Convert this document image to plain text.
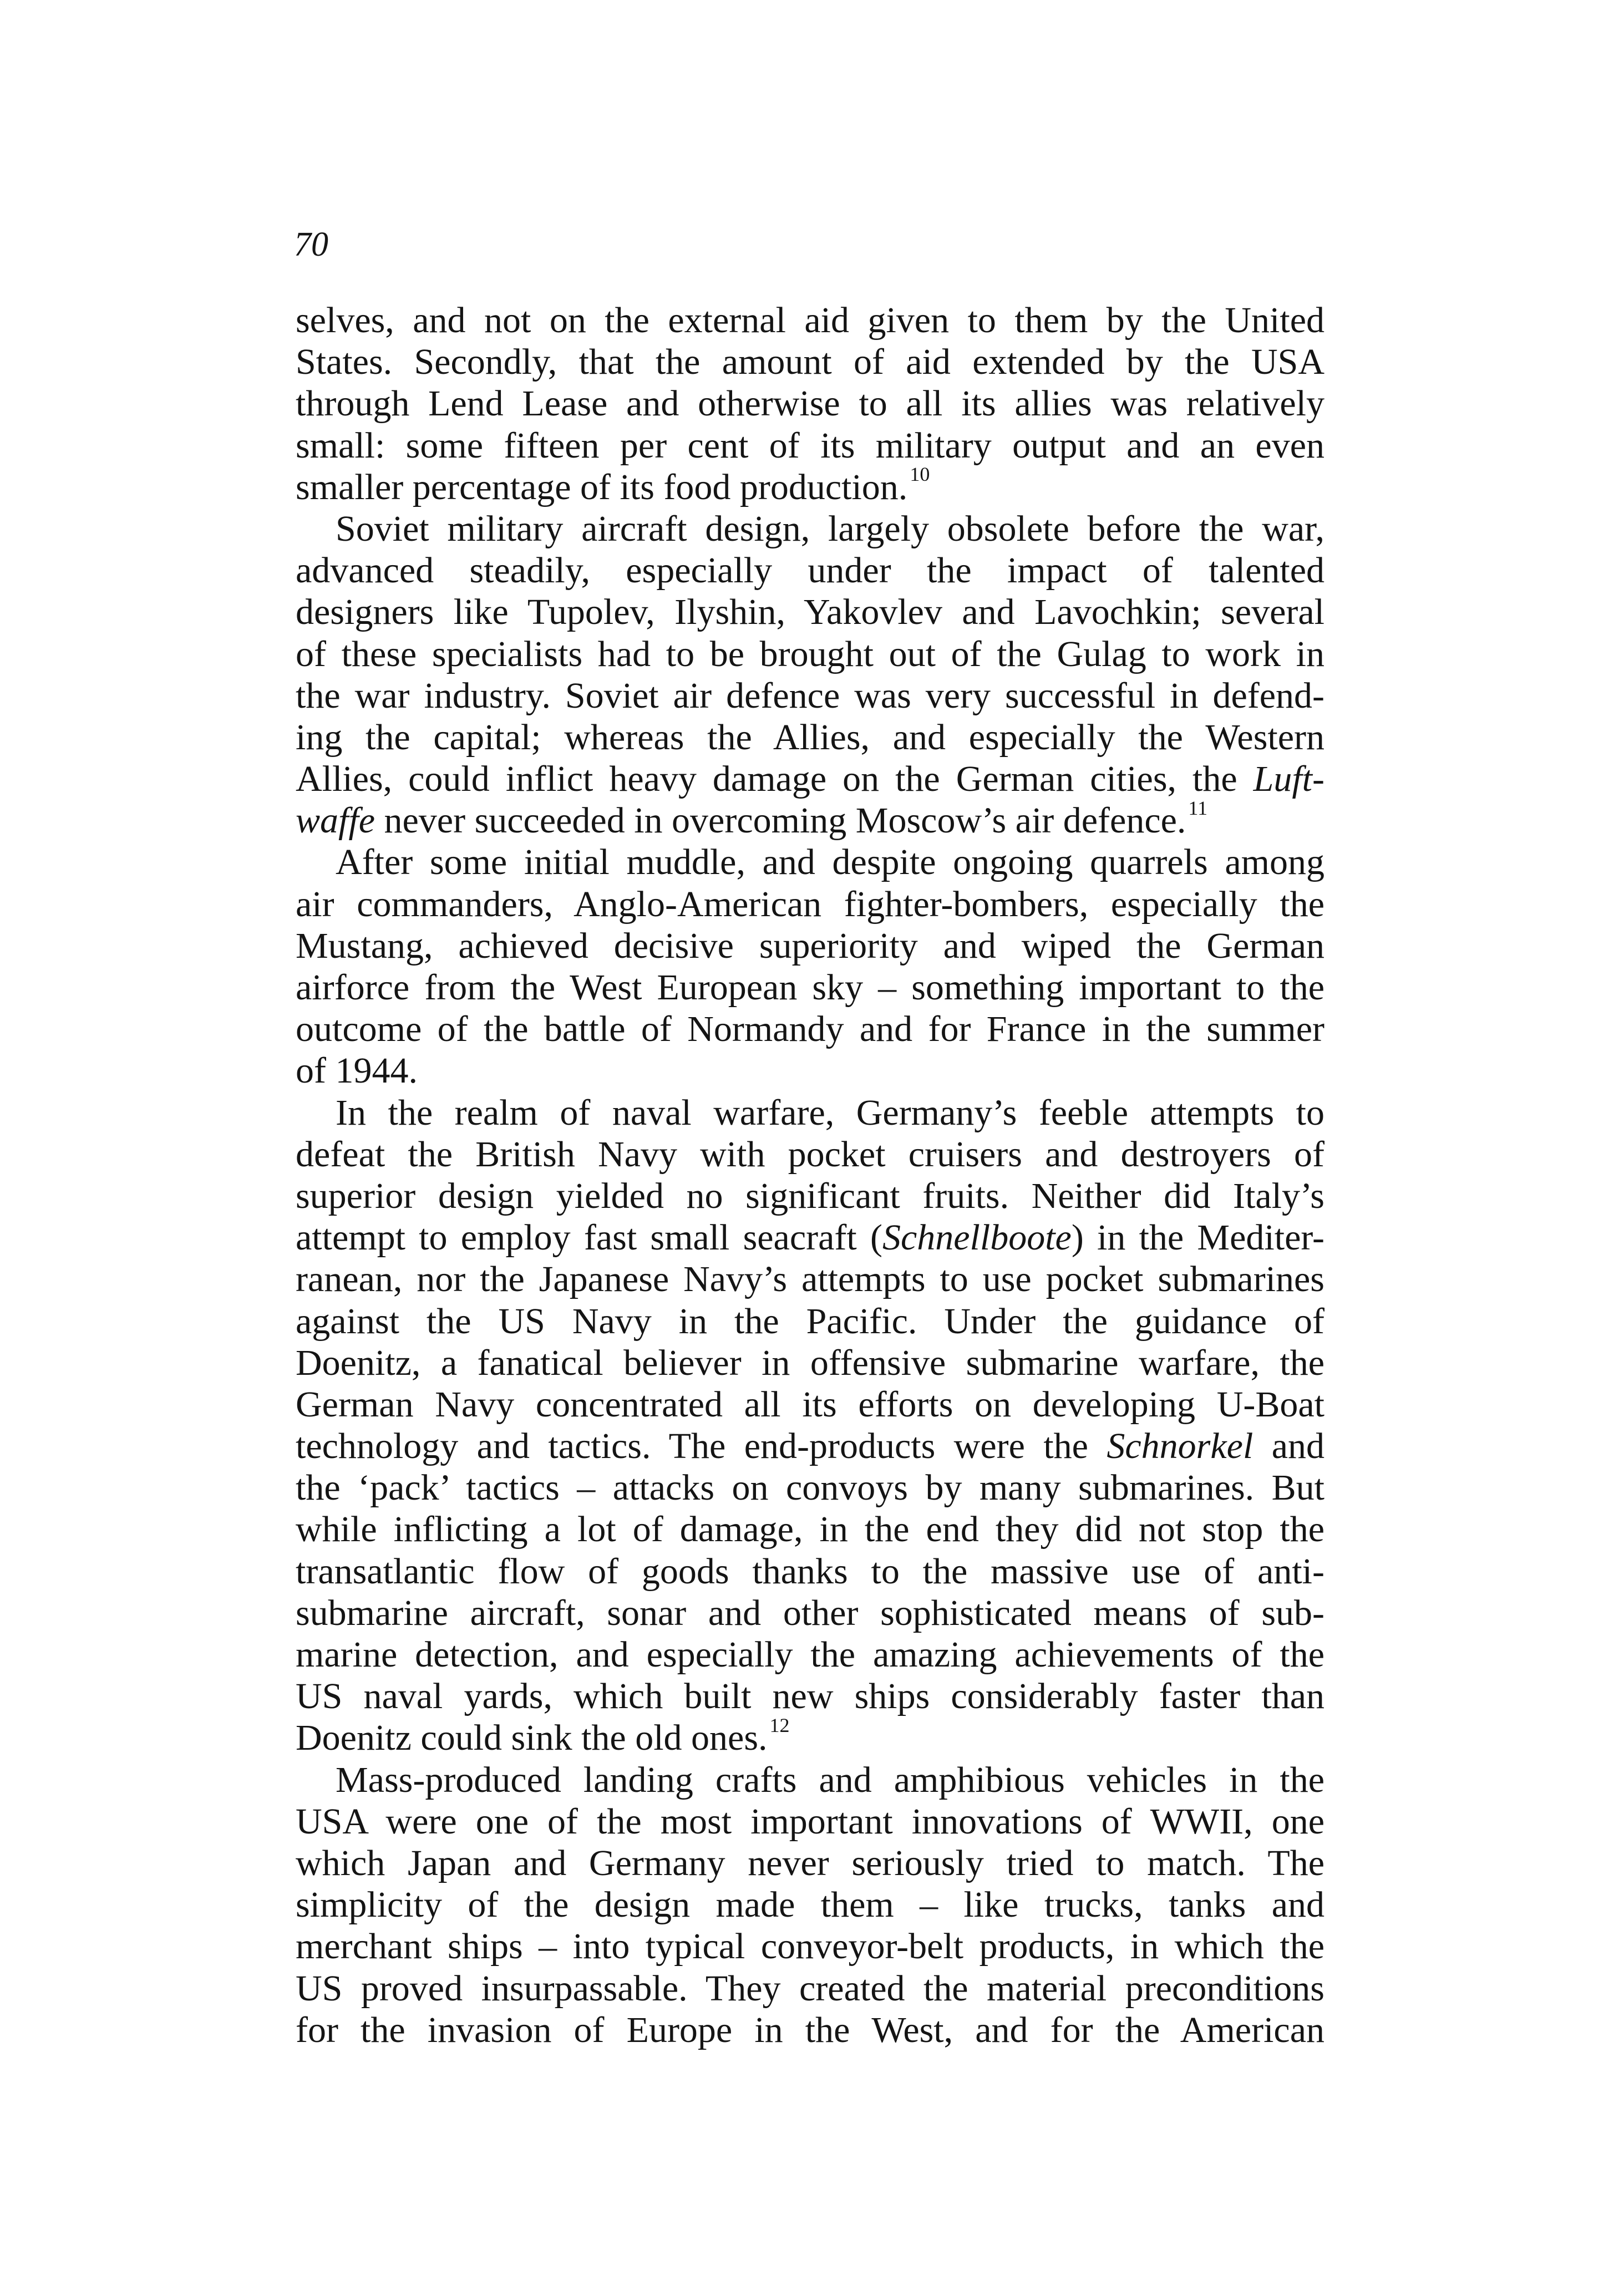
70
selves, and not on the external aid given to them by the United
States. Secondly, that the amount of aid extended by the USA
through Lend Lease and otherwise to all its allies was relatively
small: some fifteen per cent of its military output and an even
smaller percentage of its food production. $^{10}$
Soviet military aircraft design, largely obsolete before the war,
advanced steadily, especially under the impact of talented
designers like Tupolev, Ilyshin, Yakovlev and Lavochkin; several
of these specialists had to be brought out of the Gulag to work in
the war industry. Soviet air defence was very successful in defend-
ing the capital; whereas the Allies, and especially the Western
Allies, could inflict heavy damage on the German cities, the Luft-
waffe never succeeded in overcoming Moscow’s air defence. $^{11}$
After some initial muddle, and despite ongoing quarrels among
air commanders, Anglo-American fighter-bombers, especially the
Mustang, achieved decisive superiority and wiped the German
airforce from the West European sky – something important to the
outcome of the battle of Normandy and for France in the summer
of 1944.
In the realm of naval warfare, Germany’s feeble attempts to
defeat the British Navy with pocket cruisers and destroyers of
superior design yielded no significant fruits. Neither did Italy’s
attempt to employ fast small seacraft (Schnellboote) in the Mediter-
ranean, nor the Japanese Navy’s attempts to use pocket submarines
against the US Navy in the Pacific. Under the guidance of
Doenitz, a fanatical believer in offensive submarine warfare, the
German Navy concentrated all its efforts on developing U-Boat
technology and tactics. The end-products were the Schnorkel and
the ‘pack’ tactics – attacks on convoys by many submarines. But
while inflicting a lot of damage, in the end they did not stop the
transatlantic flow of goods thanks to the massive use of anti-
submarine aircraft, sonar and other sophisticated means of sub-
marine detection, and especially the amazing achievements of the
US naval yards, which built new ships considerably faster than
Doenitz could sink the old ones. $^{12}$
Mass-produced landing crafts and amphibious vehicles in the
USA were one of the most important innovations of WWII, one
which Japan and Germany never seriously tried to match. The
simplicity of the design made them – like trucks, tanks and
merchant ships – into typical conveyor-belt products, in which the
US proved insurpassable. They created the material preconditions
for the invasion of Europe in the West, and for the American
